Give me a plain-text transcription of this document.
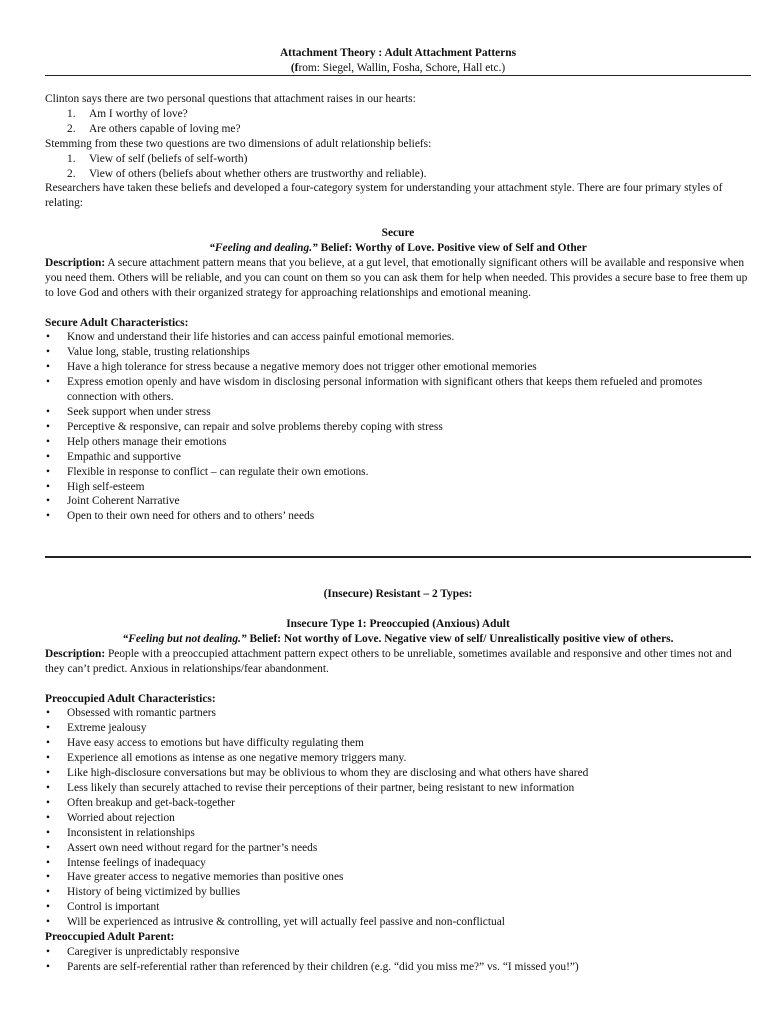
Attachment Theory : Adult Attachment Patterns
(from: Siegel, Wallin, Fosha, Schore, Hall etc.)
Clinton says there are two personal questions that attachment raises in our hearts:
1. Am I worthy of love?
2. Are others capable of loving me?
Stemming from these two questions are two dimensions of adult relationship beliefs:
1. View of self (beliefs of self-worth)
2. View of others (beliefs about whether others are trustworthy and reliable).
Researchers have taken these beliefs and developed a four-category system for understanding your attachment style. There are four primary styles of relating:
Secure
“Feeling and dealing.” Belief: Worthy of Love. Positive view of Self and Other
Description: A secure attachment pattern means that you believe, at a gut level, that emotionally significant others will be available and responsive when you need them. Others will be reliable, and you can count on them so you can ask them for help when needed. This provides a secure base to free them up to love God and others with their organized strategy for approaching relationships and emotional meaning.
Secure Adult Characteristics:
• Know and understand their life histories and can access painful emotional memories.
• Value long, stable, trusting relationships
• Have a high tolerance for stress because a negative memory does not trigger other emotional memories
• Express emotion openly and have wisdom in disclosing personal information with significant others that keeps them refueled and promotes connection with others.
• Seek support when under stress
• Perceptive & responsive, can repair and solve problems thereby coping with stress
• Help others manage their emotions
• Empathic and supportive
• Flexible in response to conflict – can regulate their own emotions.
• High self-esteem
• Joint Coherent Narrative
• Open to their own need for others and to others’ needs
(Insecure) Resistant – 2 Types:
Insecure Type 1: Preoccupied (Anxious) Adult
“Feeling but not dealing.” Belief: Not worthy of Love. Negative view of self/ Unrealistically positive view of others.
Description: People with a preoccupied attachment pattern expect others to be unreliable, sometimes available and responsive and other times not and they can’t predict. Anxious in relationships/fear abandonment.
Preoccupied Adult Characteristics:
• Obsessed with romantic partners
• Extreme jealousy
• Have easy access to emotions but have difficulty regulating them
• Experience all emotions as intense as one negative memory triggers many.
• Like high-disclosure conversations but may be oblivious to whom they are disclosing and what others have shared
• Less likely than securely attached to revise their perceptions of their partner, being resistant to new information
• Often breakup and get-back-together
• Worried about rejection
• Inconsistent in relationships
• Assert own need without regard for the partner’s needs
• Intense feelings of inadequacy
• Have greater access to negative memories than positive ones
• History of being victimized by bullies
• Control is important
• Will be experienced as intrusive & controlling, yet will actually feel passive and non-conflictual
Preoccupied Adult Parent:
• Caregiver is unpredictably responsive
• Parents are self-referential rather than referenced by their children (e.g. “did you miss me?” vs. “I missed you!”)
